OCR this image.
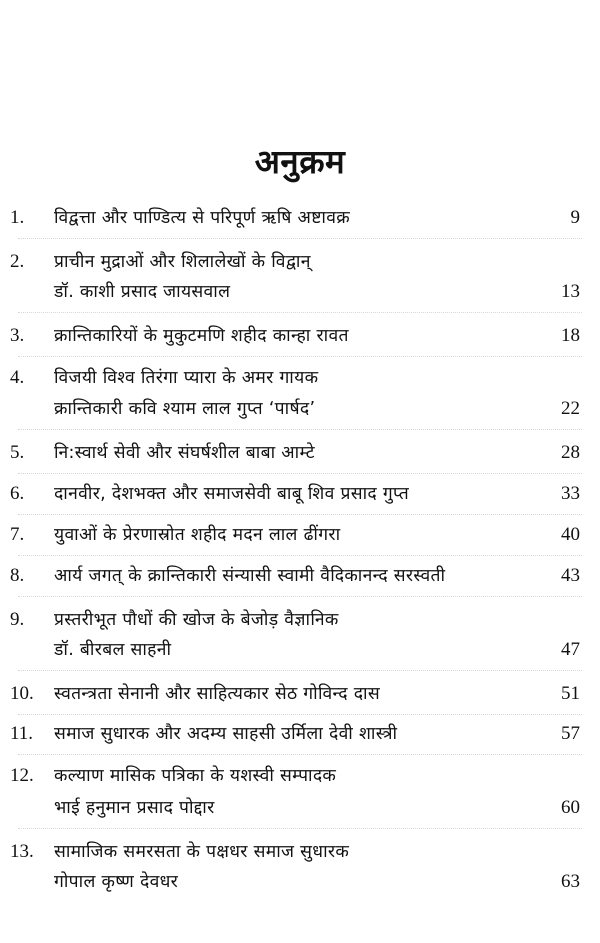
अनुक्रम
1.	विद्वत्ता और पाण्डित्य से परिपूर्ण ऋषि अष्टावक्र	9
2.	प्राचीन मुद्राओं और शिलालेखों के विद्वान्
डॉ. काशी प्रसाद जायसवाल	13
3.	क्रान्तिकारियों के मुकुटमणि शहीद कान्हा रावत	18
4.	विजयी विश्व तिरंगा प्यारा के अमर गायक
क्रान्तिकारी कवि श्याम लाल गुप्त ‘पार्षद’	22
5.	नि:स्वार्थ सेवी और संघर्षशील बाबा आम्टे	28
6.	दानवीर, देशभक्त और समाजसेवी बाबू शिव प्रसाद गुप्त	33
7.	युवाओं के प्रेरणास्रोत शहीद मदन लाल ढींगरा	40
8.	आर्य जगत् के क्रान्तिकारी संन्यासी स्वामी वैदिकानन्द सरस्वती	43
9.	प्रस्तरीभूत पौधों की खोज के बेजोड़ वैज्ञानिक
डॉ. बीरबल साहनी	47
10.	स्वतन्त्रता सेनानी और साहित्यकार सेठ गोविन्द दास	51
11.	समाज सुधारक और अदम्य साहसी उर्मिला देवी शास्त्री	57
12.	कल्याण मासिक पत्रिका के यशस्वी सम्पादक
भाई हनुमान प्रसाद पोद्दार	60
13.	सामाजिक समरसता के पक्षधर समाज सुधारक
गोपाल कृष्ण देवधर	63
